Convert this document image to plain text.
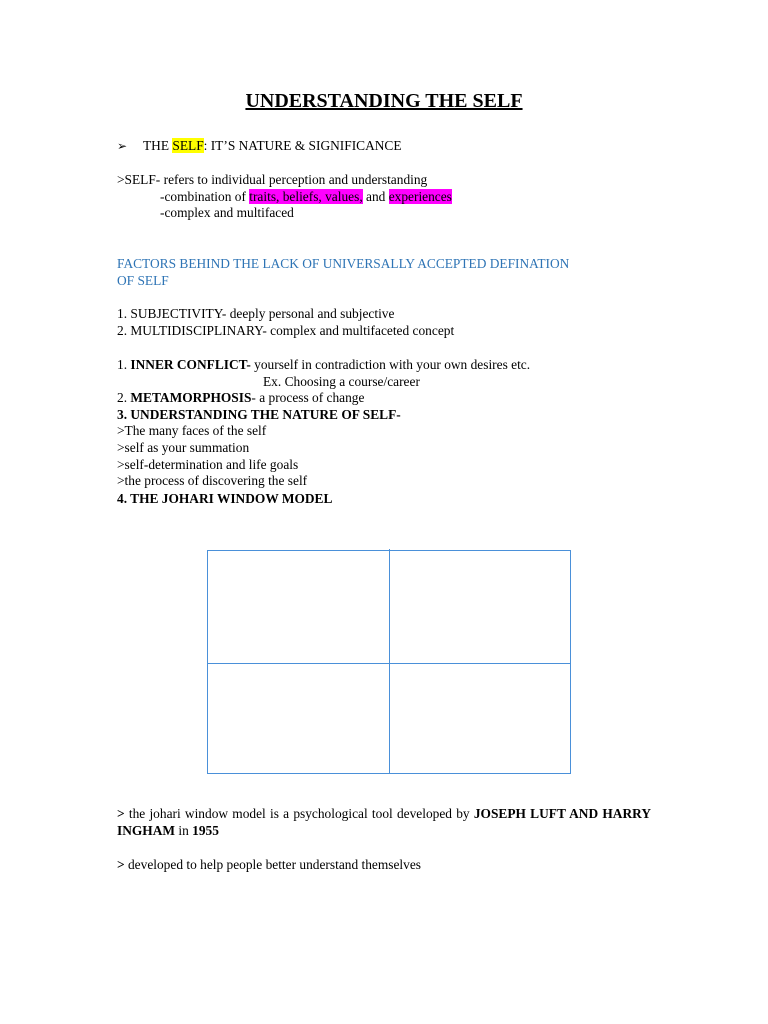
UNDERSTANDING THE SELF
➢ THE SELF: IT’S NATURE & SIGNIFICANCE
>SELF- refers to individual perception and understanding
-combination of traits, beliefs, values, and experiences
-complex and multifaced
FACTORS BEHIND THE LACK OF UNIVERSALLY ACCEPTED DEFINATION
OF SELF
1. SUBJECTIVITY- deeply personal and subjective
2. MULTIDISCIPLINARY- complex and multifaceted concept
1. INNER CONFLICT- yourself in contradiction with your own desires etc.
Ex. Choosing a course/career
2. METAMORPHOSIS- a process of change
3. UNDERSTANDING THE NATURE OF SELF-
>The many faces of the self
>self as your summation
>self-determination and life goals
>the process of discovering the self
4. THE JOHARI WINDOW MODEL
> the johari window model is a psychological tool developed by JOSEPH LUFT AND HARRY INGHAM in 1955
> developed to help people better understand themselves
